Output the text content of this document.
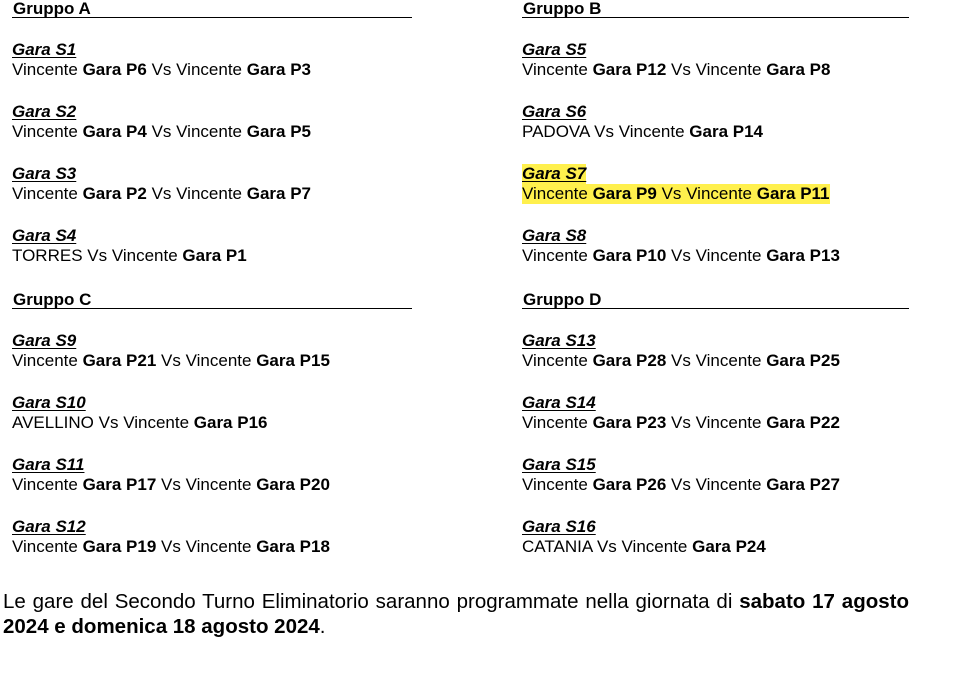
Gruppo A
Gara S1
Vincente Gara P6 Vs Vincente Gara P3
Gara S2
Vincente Gara P4 Vs Vincente Gara P5
Gara S3
Vincente Gara P2 Vs Vincente Gara P7
Gara S4
TORRES Vs Vincente Gara P1
Gruppo B
Gara S5
Vincente Gara P12 Vs Vincente Gara P8
Gara S6
PADOVA Vs Vincente Gara P14
Gara S7
Vincente Gara P9 Vs Vincente Gara P11
Gara S8
Vincente Gara P10 Vs Vincente Gara P13
Gruppo C
Gara S9
Vincente Gara P21 Vs Vincente Gara P15
Gara S10
AVELLINO Vs Vincente Gara P16
Gara S11
Vincente Gara P17 Vs Vincente Gara P20
Gara S12
Vincente Gara P19 Vs Vincente Gara P18
Gruppo D
Gara S13
Vincente Gara P28 Vs Vincente Gara P25
Gara S14
Vincente Gara P23 Vs Vincente Gara P22
Gara S15
Vincente Gara P26 Vs Vincente Gara P27
Gara S16
CATANIA Vs Vincente Gara P24

Le gare del Secondo Turno Eliminatorio saranno programmate nella giornata di sabato 17 agosto 2024 e domenica 18 agosto 2024.
